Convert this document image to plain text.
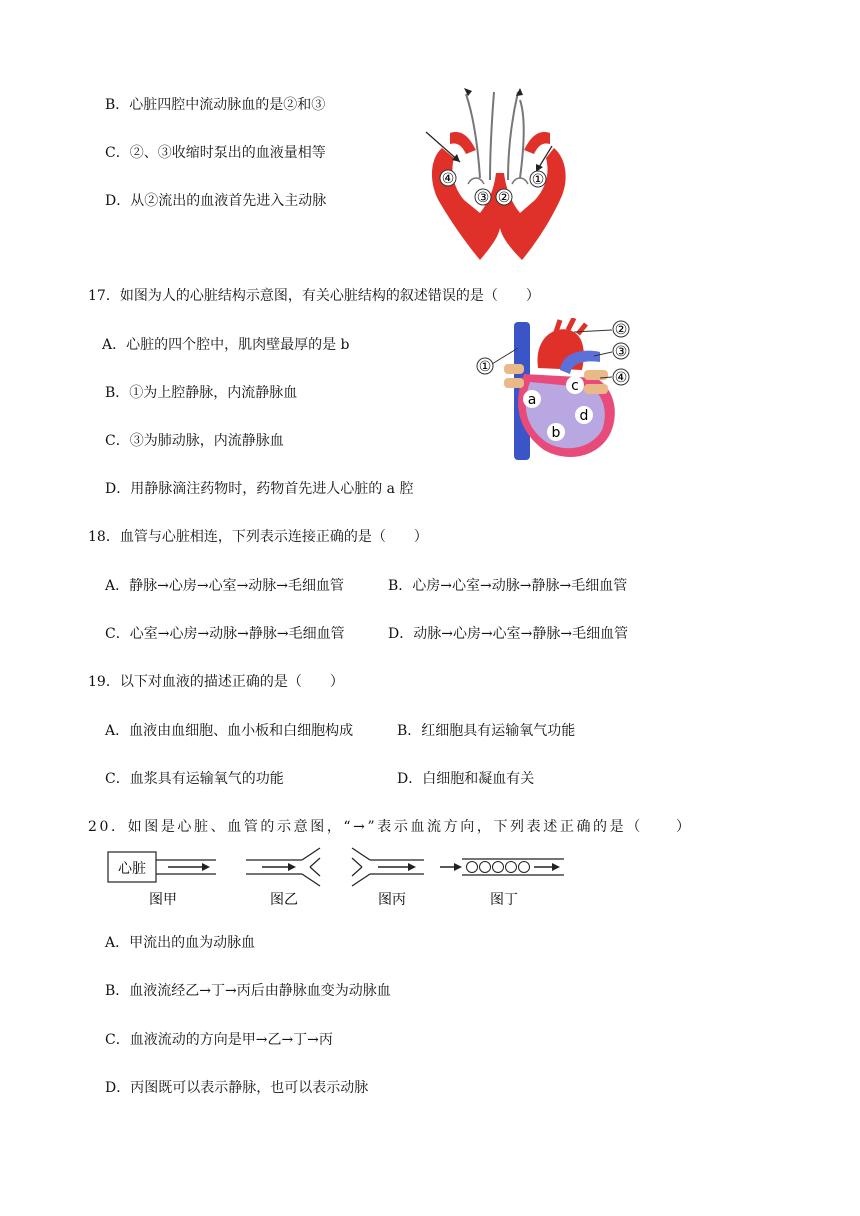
B．心脏四腔中流动脉血的是②和③
C．②、③收缩时泵出的血液量相等
D．从②流出的血液首先进入主动脉
④
③ ②
①
17．如图为人的心脏结构示意图，有关心脏结构的叙述错误的是（　　）
A．心脏的四个腔中，肌肉壁最厚的是 b
B．①为上腔静脉，内流静脉血
C．③为肺动脉，内流静脉血
D．用静脉滴注药物时，药物首先进人心脏的 a 腔
a
b
c
d
①
②
③
④
18．血管与心脏相连，下列表示连接正确的是（　　）
A．静脉→心房→心室→动脉→毛细血管	B．心房→心室→动脉→静脉→毛细血管
C．心室→心房→动脉→静脉→毛细血管	D．动脉→心房→心室→静脉→毛细血管
19．以下对血液的描述正确的是（　　）
A．血液由血细胞、血小板和白细胞构成	B．红细胞具有运输氧气功能
C．血浆具有运输氧气的功能	D．白细胞和凝血有关
20．如图是心脏、血管的示意图，“→”表示血流方向，下列表述正确的是（　　）
心脏
图甲	图乙	图丙	图丁
A．甲流出的血为动脉血
B．血液流经乙→丁→丙后由静脉血变为动脉血
C．血液流动的方向是甲→乙→丁→丙
D．丙图既可以表示静脉，也可以表示动脉
